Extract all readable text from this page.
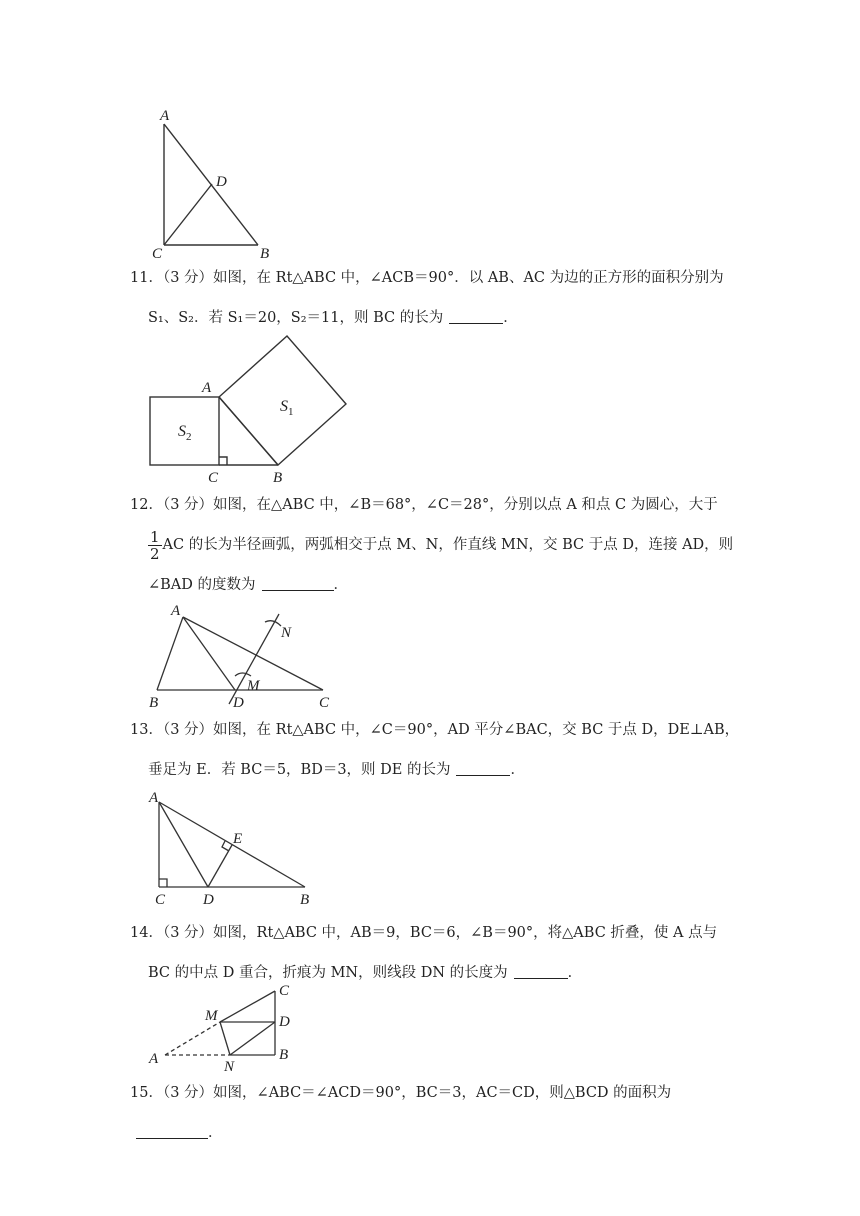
A
D
C	B
11．（3 分）如图，在 Rt△ABC 中，∠ACB＝90°．以 AB、AC 为边的正方形的面积分别为
S₁、S₂．若 S₁＝20，S₂＝11，则 BC 的长为	．
A
C	B
$S_1$
$S_2$
12．（3 分）如图，在△ABC 中，∠B＝68°，∠C＝28°，分别以点 A 和点 C 为圆心，大于
$\frac{1}{2}$ AC 的长为半径画弧，两弧相交于点 M、N，作直线 MN，交 BC 于点 D，连接 AD，则
∠BAD 的度数为	．
A
B	C
D
M
N
13．（3 分）如图，在 Rt△ABC 中，∠C＝90°，AD 平分∠BAC，交 BC 于点 D，DE⊥AB，
垂足为 E．若 BC＝5，BD＝3，则 DE 的长为	．
A
E
C	D	B
14．（3 分）如图，Rt△ABC 中，AB＝9，BC＝6，∠B＝90°，将△ABC 折叠，使 A 点与
BC 的中点 D 重合，折痕为 MN，则线段 DN 的长度为	．
C
M	D
A	B
N
15．（3 分）如图，∠ABC＝∠ACD＝90°，BC＝3，AC＝CD，则△BCD 的面积为．
